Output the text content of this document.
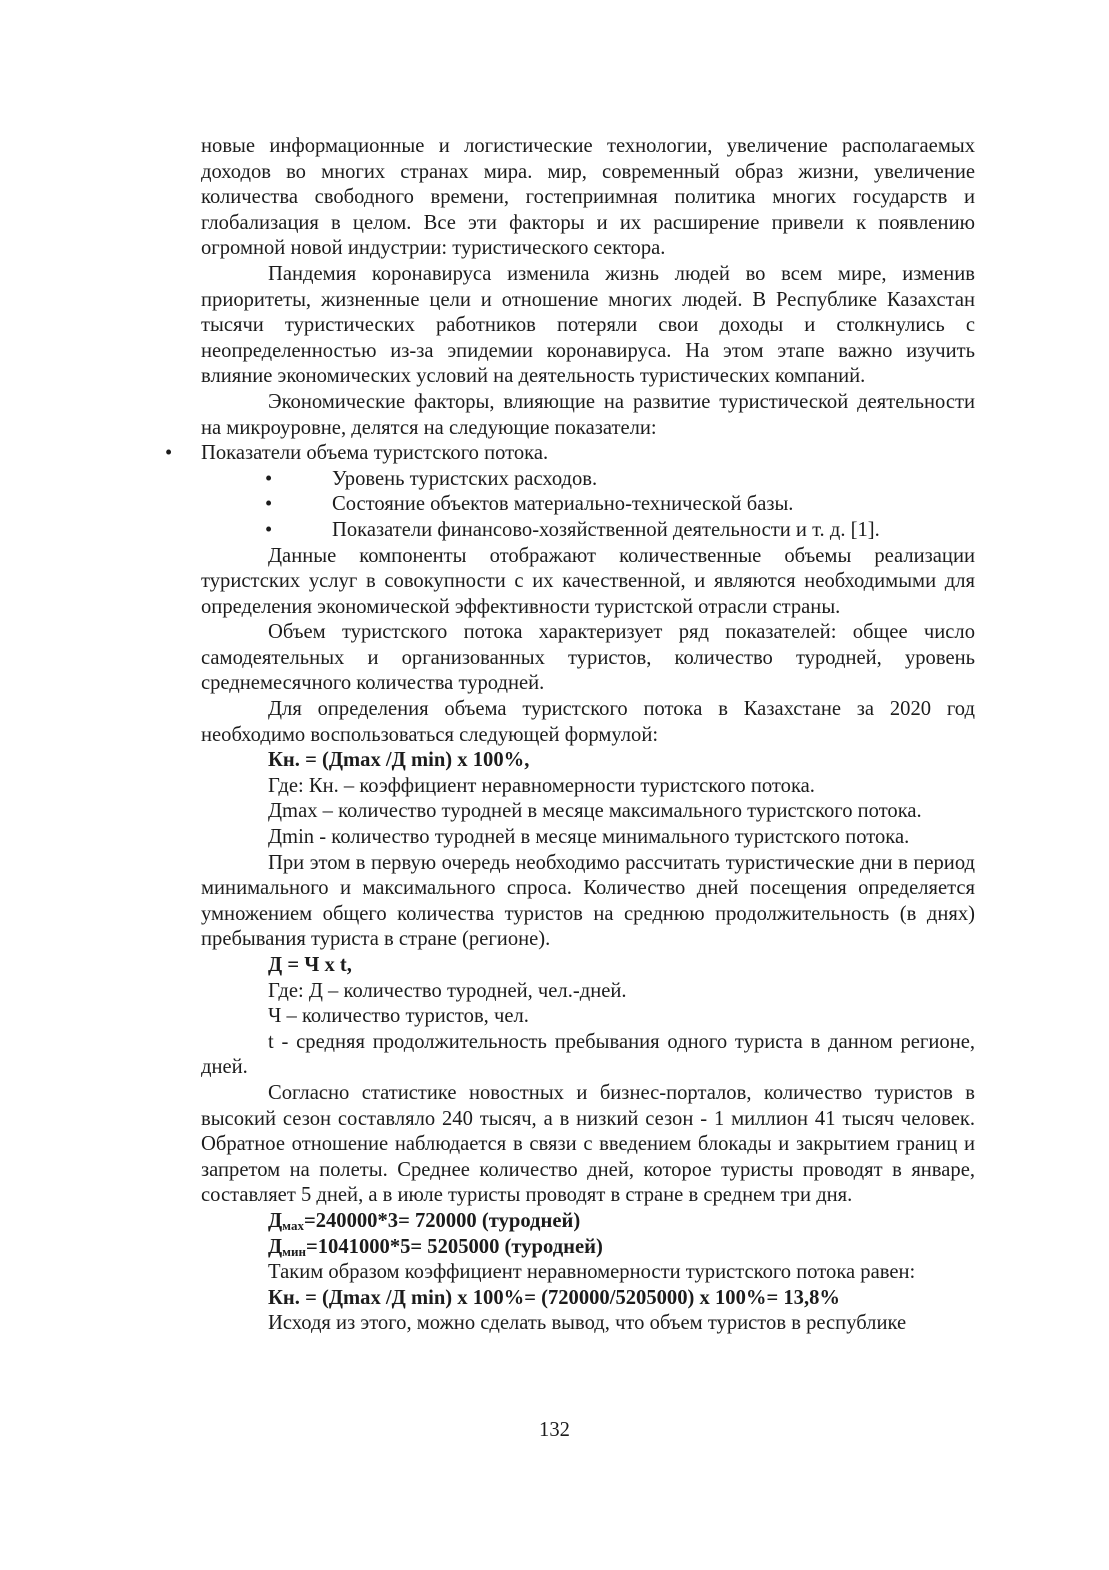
новые информационные и логистические технологии, увеличение располагаемых доходов во многих странах мира. мир, современный образ жизни, увеличение количества свободного времени, гостеприимная политика многих государств и глобализация в целом. Все эти факторы и их расширение привели к появлению огромной новой индустрии: туристического сектора.

Пандемия коронавируса изменила жизнь людей во всем мире, изменив приоритеты, жизненные цели и отношение многих людей. В Республике Казахстан тысячи туристических работников потеряли свои доходы и столкнулись с неопределенностью из-за эпидемии коронавируса. На этом этапе важно изучить влияние экономических условий на деятельность туристических компаний.

Экономические факторы, влияющие на развитие туристической деятельности на микроуровне, делятся на следующие показатели:

• Показатели объема туристского потока.
•	Уровень туристских расходов.
•	Состояние объектов материально-технической базы.
•	Показатели финансово-хозяйственной деятельности и т. д. [1].

Данные компоненты отображают количественные объемы реализации туристских услуг в совокупности с их качественной, и являются необходимыми для определения экономической эффективности туристской отрасли страны.

Объем туристского потока характеризует ряд показателей: общее число самодеятельных и организованных туристов, количество туродней, уровень среднемесячного количества туродней.

Для определения объема туристского потока в Казахстане за 2020 год необходимо воспользоваться следующей формулой:

Кн. = (Дmax /Д min) x 100%,

Где: Кн. – коэффициент неравномерности туристского потока.

Дmax – количество туродней в месяце максимального туристского потока.

Дmin - количество туродней в месяце минимального туристского потока.

При этом в первую очередь необходимо рассчитать туристические дни в период минимального и максимального спроса. Количество дней посещения определяется умножением общего количества туристов на среднюю продолжительность (в днях) пребывания туриста в стране (регионе).

Д = Ч x t,

Где: Д – количество туродней, чел.-дней.

Ч – количество туристов, чел.

t - средняя продолжительность пребывания одного туриста в данном регионе, дней.

Согласно статистике новостных и бизнес-порталов, количество туристов в высокий сезон составляло 240 тысяч, а в низкий сезон - 1 миллион 41 тысяч человек. Обратное отношение наблюдается в связи с введением блокады и закрытием границ и запретом на полеты. Среднее количество дней, которое туристы проводят в январе, составляет 5 дней, а в июле туристы проводят в стране в среднем три дня.

$Д_{мах}=240000*3= 720000$ (туродней)

$Д_{мин}=1041000*5= 5205000$ (туродней)

Таким образом коэффициент неравномерности туристского потока равен:

Кн. = (Дmax /Д min) x 100%= (720000/5205000) x 100%= 13,8%

Исходя из этого, можно сделать вывод, что объем туристов в республике

132
